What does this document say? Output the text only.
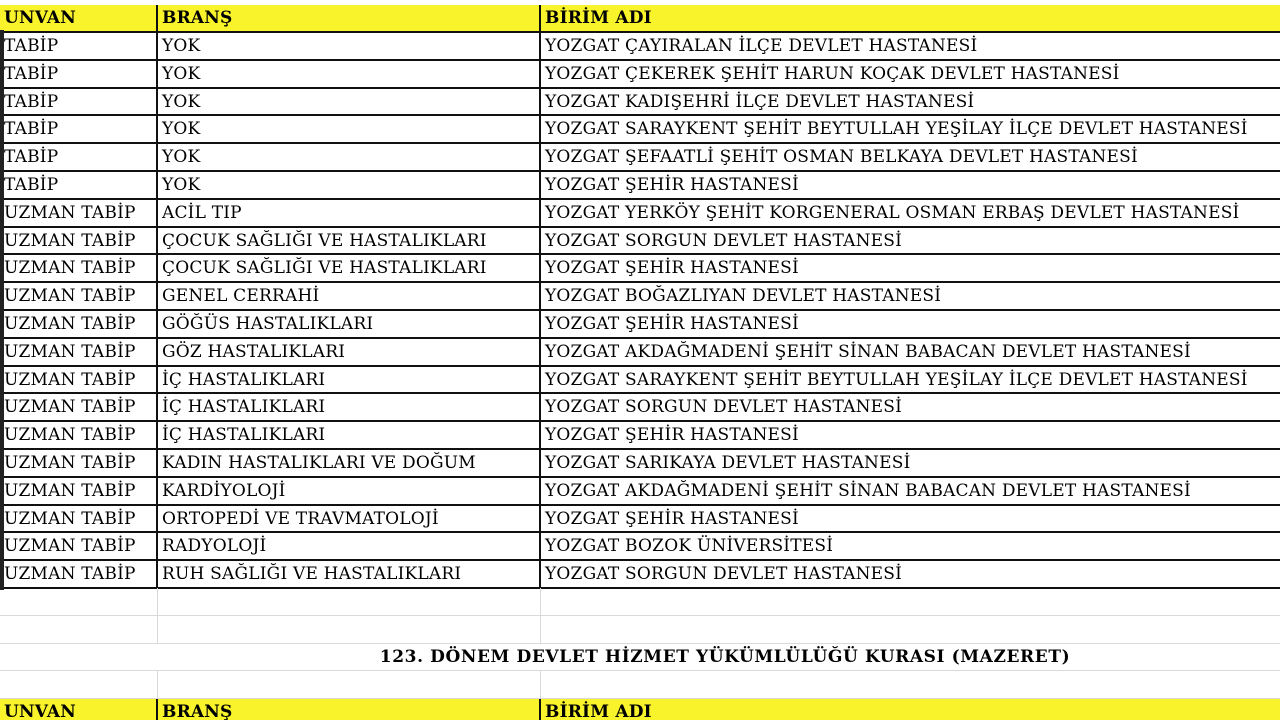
UNVAN	BRANŞ	BİRİM ADI
TABİP	YOK	YOZGAT ÇAYIRALAN İLÇE DEVLET HASTANESİ
TABİP	YOK	YOZGAT ÇEKEREK ŞEHİT HARUN KOÇAK DEVLET HASTANESİ
TABİP	YOK	YOZGAT KADIŞEHRİ İLÇE DEVLET HASTANESİ
TABİP	YOK	YOZGAT SARAYKENT ŞEHİT BEYTULLAH YEŞİLAY İLÇE DEVLET HASTANESİ
TABİP	YOK	YOZGAT ŞEFAATLİ ŞEHİT OSMAN BELKAYA DEVLET HASTANESİ
TABİP	YOK	YOZGAT ŞEHİR HASTANESİ
UZMAN TABİP	ACİL TIP	YOZGAT YERKÖY ŞEHİT KORGENERAL OSMAN ERBAŞ DEVLET HASTANESİ
UZMAN TABİP	ÇOCUK SAĞLIĞI VE HASTALIKLARI	YOZGAT SORGUN DEVLET HASTANESİ
UZMAN TABİP	ÇOCUK SAĞLIĞI VE HASTALIKLARI	YOZGAT ŞEHİR HASTANESİ
UZMAN TABİP	GENEL CERRAHİ	YOZGAT BOĞAZLIYAN DEVLET HASTANESİ
UZMAN TABİP	GÖĞÜS HASTALIKLARI	YOZGAT ŞEHİR HASTANESİ
UZMAN TABİP	GÖZ HASTALIKLARI	YOZGAT AKDAĞMADENİ ŞEHİT SİNAN BABACAN DEVLET HASTANESİ
UZMAN TABİP	İÇ HASTALIKLARI	YOZGAT SARAYKENT ŞEHİT BEYTULLAH YEŞİLAY İLÇE DEVLET HASTANESİ
UZMAN TABİP	İÇ HASTALIKLARI	YOZGAT SORGUN DEVLET HASTANESİ
UZMAN TABİP	İÇ HASTALIKLARI	YOZGAT ŞEHİR HASTANESİ
UZMAN TABİP	KADIN HASTALIKLARI VE DOĞUM	YOZGAT SARIKAYA DEVLET HASTANESİ
UZMAN TABİP	KARDİYOLOJİ	YOZGAT AKDAĞMADENİ ŞEHİT SİNAN BABACAN DEVLET HASTANESİ
UZMAN TABİP	ORTOPEDİ VE TRAVMATOLOJİ	YOZGAT ŞEHİR HASTANESİ
UZMAN TABİP	RADYOLOJİ	YOZGAT BOZOK ÜNİVERSİTESİ
UZMAN TABİP	RUH SAĞLIĞI VE HASTALIKLARI	YOZGAT SORGUN DEVLET HASTANESİ
123. DÖNEM DEVLET HİZMET YÜKÜMLÜLÜĞÜ KURASI (MAZERET)
UNVAN	BRANŞ	BİRİM ADI
